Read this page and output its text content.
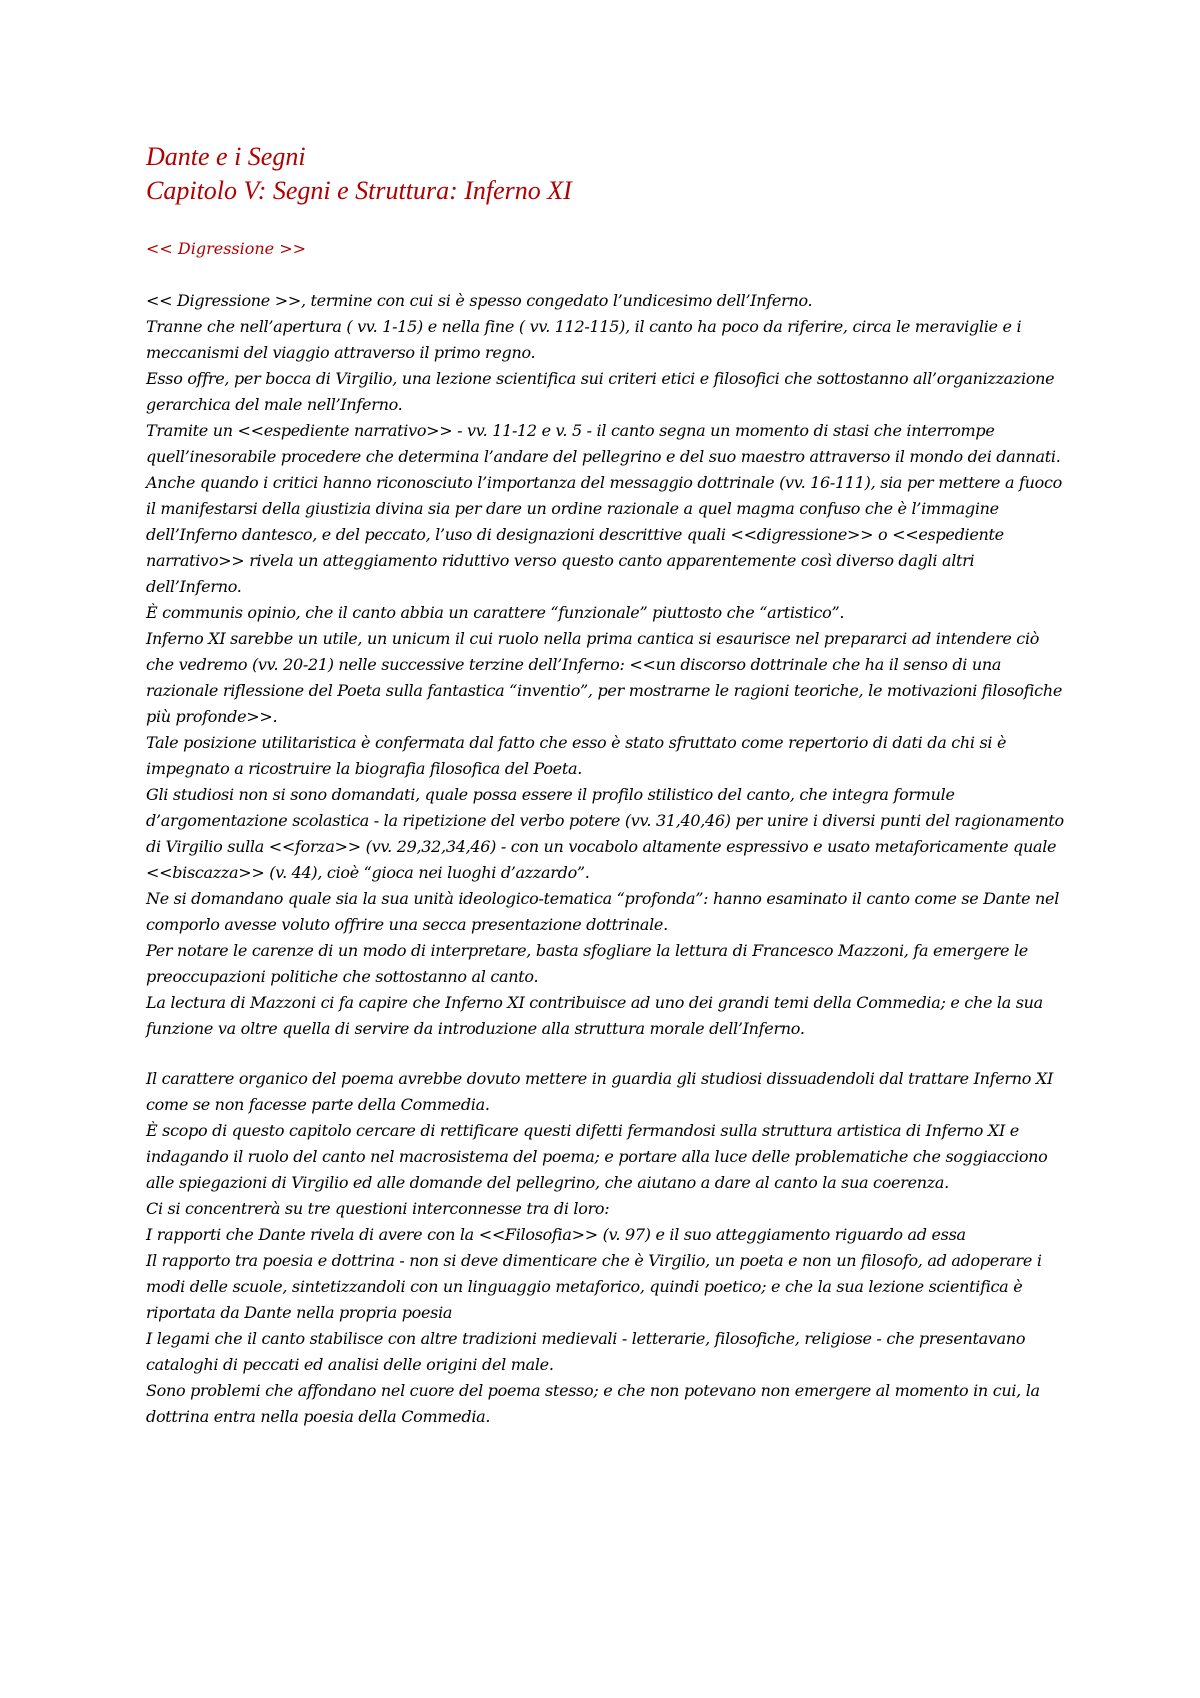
Dante e i Segni
Capitolo V: Segni e Struttura: Inferno XI
<< Digressione >>

<< Digressione >>, termine con cui si è spesso congedato l’undicesimo dell’Inferno.

Tranne che nell’apertura ( vv. 1-15) e nella fine ( vv. 112-115), il canto ha poco da riferire, circa le meraviglie e i meccanismi del viaggio attraverso il primo regno.

Esso offre, per bocca di Virgilio, una lezione scientifica sui criteri etici e filosofici che sottostanno all’organizzazione gerarchica del male nell’Inferno.

Tramite un <<espediente narrativo>> - vv. 11-12 e v. 5 - il canto segna un momento di stasi che interrompe quell’inesorabile procedere che determina l’andare del pellegrino e del suo maestro attraverso il mondo dei dannati.

Anche quando i critici hanno riconosciuto l’importanza del messaggio dottrinale (vv. 16-111), sia per mettere a fuoco il manifestarsi della giustizia divina sia per dare un ordine razionale a quel magma confuso che è l’immagine dell’Inferno dantesco, e del peccato, l’uso di designazioni descrittive quali <<digressione>> o <<espediente narrativo>> rivela un atteggiamento riduttivo verso questo canto apparentemente così diverso dagli altri dell’Inferno.

È communis opinio, che il canto abbia un carattere “funzionale” piuttosto che “artistico”.

Inferno XI sarebbe un utile, un unicum il cui ruolo nella prima cantica si esaurisce nel prepararci ad intendere ciò che vedremo (vv. 20-21) nelle successive terzine dell’Inferno: <<un discorso dottrinale che ha il senso di una razionale riflessione del Poeta sulla fantastica “inventio”, per mostrarne le ragioni teoriche, le motivazioni filosofiche più profonde>>.

Tale posizione utilitaristica è confermata dal fatto che esso è stato sfruttato come repertorio di dati da chi si è impegnato a ricostruire la biografia filosofica del Poeta.

Gli studiosi non si sono domandati, quale possa essere il profilo stilistico del canto, che integra formule d’argomentazione scolastica - la ripetizione del verbo potere (vv. 31,40,46) per unire i diversi punti del ragionamento di Virgilio sulla <<forza>> (vv. 29,32,34,46) - con un vocabolo altamente espressivo e usato metaforicamente quale <<biscazza>> (v. 44), cioè “gioca nei luoghi d’azzardo”.

Ne si domandano quale sia la sua unità ideologico-tematica “profonda”: hanno esaminato il canto come se Dante nel comporlo avesse voluto offrire una secca presentazione dottrinale.

Per notare le carenze di un modo di interpretare, basta sfogliare la lettura di Francesco Mazzoni, fa emergere le preoccupazioni politiche che sottostanno al canto.

La lectura di Mazzoni ci fa capire che Inferno XI contribuisce ad uno dei grandi temi della Commedia; e che la sua funzione va oltre quella di servire da introduzione alla struttura morale dell’Inferno.

Il carattere organico del poema avrebbe dovuto mettere in guardia gli studiosi dissuadendoli dal trattare Inferno XI come se non facesse parte della Commedia.

È scopo di questo capitolo cercare di rettificare questi difetti fermandosi sulla struttura artistica di Inferno XI e indagando il ruolo del canto nel macrosistema del poema; e portare alla luce delle problematiche che soggiacciono alle spiegazioni di Virgilio ed alle domande del pellegrino, che aiutano a dare al canto la sua coerenza.

Ci si concentrerà su tre questioni interconnesse tra di loro:

I rapporti che Dante rivela di avere con la <<Filosofia>> (v. 97) e il suo atteggiamento riguardo ad essa

Il rapporto tra poesia e dottrina - non si deve dimenticare che è Virgilio, un poeta e non un filosofo, ad adoperare i modi delle scuole, sintetizzandoli con un linguaggio metaforico, quindi poetico; e che la sua lezione scientifica è riportata da Dante nella propria poesia

I legami che il canto stabilisce con altre tradizioni medievali - letterarie, filosofiche, religiose - che presentavano cataloghi di peccati ed analisi delle origini del male.

Sono problemi che affondano nel cuore del poema stesso; e che non potevano non emergere al momento in cui, la dottrina entra nella poesia della Commedia.
